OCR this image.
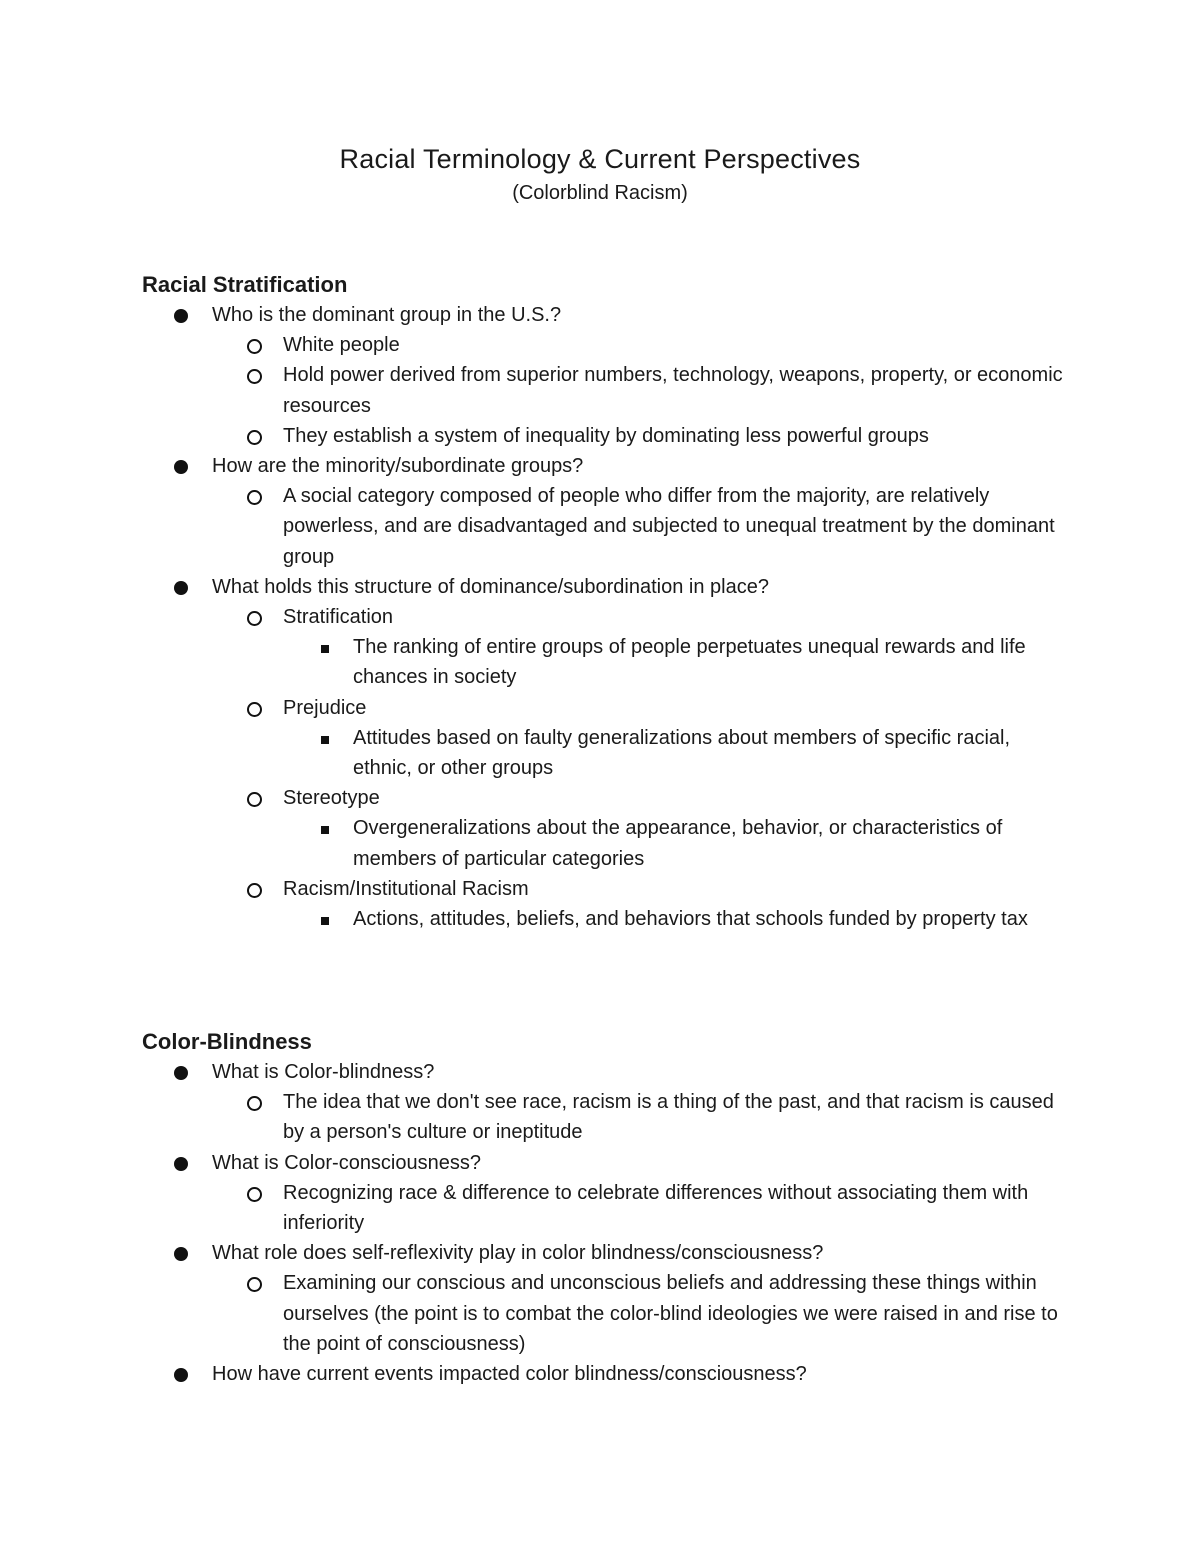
Racial Terminology & Current Perspectives
(Colorblind Racism)
Racial Stratification
Who is the dominant group in the U.S.?
White people
Hold power derived from superior numbers, technology, weapons, property, or economic resources
They establish a system of inequality by dominating less powerful groups
How are the minority/subordinate groups?
A social category composed of people who differ from the majority, are relatively powerless, and are disadvantaged and subjected to unequal treatment by the dominant group
What holds this structure of dominance/subordination in place?
Stratification
The ranking of entire groups of people perpetuates unequal rewards and life chances in society
Prejudice
Attitudes based on faulty generalizations about members of specific racial, ethnic, or other groups
Stereotype
Overgeneralizations about the appearance, behavior, or characteristics of members of particular categories
Racism/Institutional Racism
Actions, attitudes, beliefs, and behaviors that schools funded by property tax
Color-Blindness
What is Color-blindness?
The idea that we don't see race, racism is a thing of the past, and that racism is caused by a person's culture or ineptitude
What is Color-consciousness?
Recognizing race & difference to celebrate differences without associating them with inferiority
What role does self-reflexivity play in color blindness/consciousness?
Examining our conscious and unconscious beliefs and addressing these things within ourselves (the point is to combat the color-blind ideologies we were raised in and rise to the point of consciousness)
How have current events impacted color blindness/consciousness?
